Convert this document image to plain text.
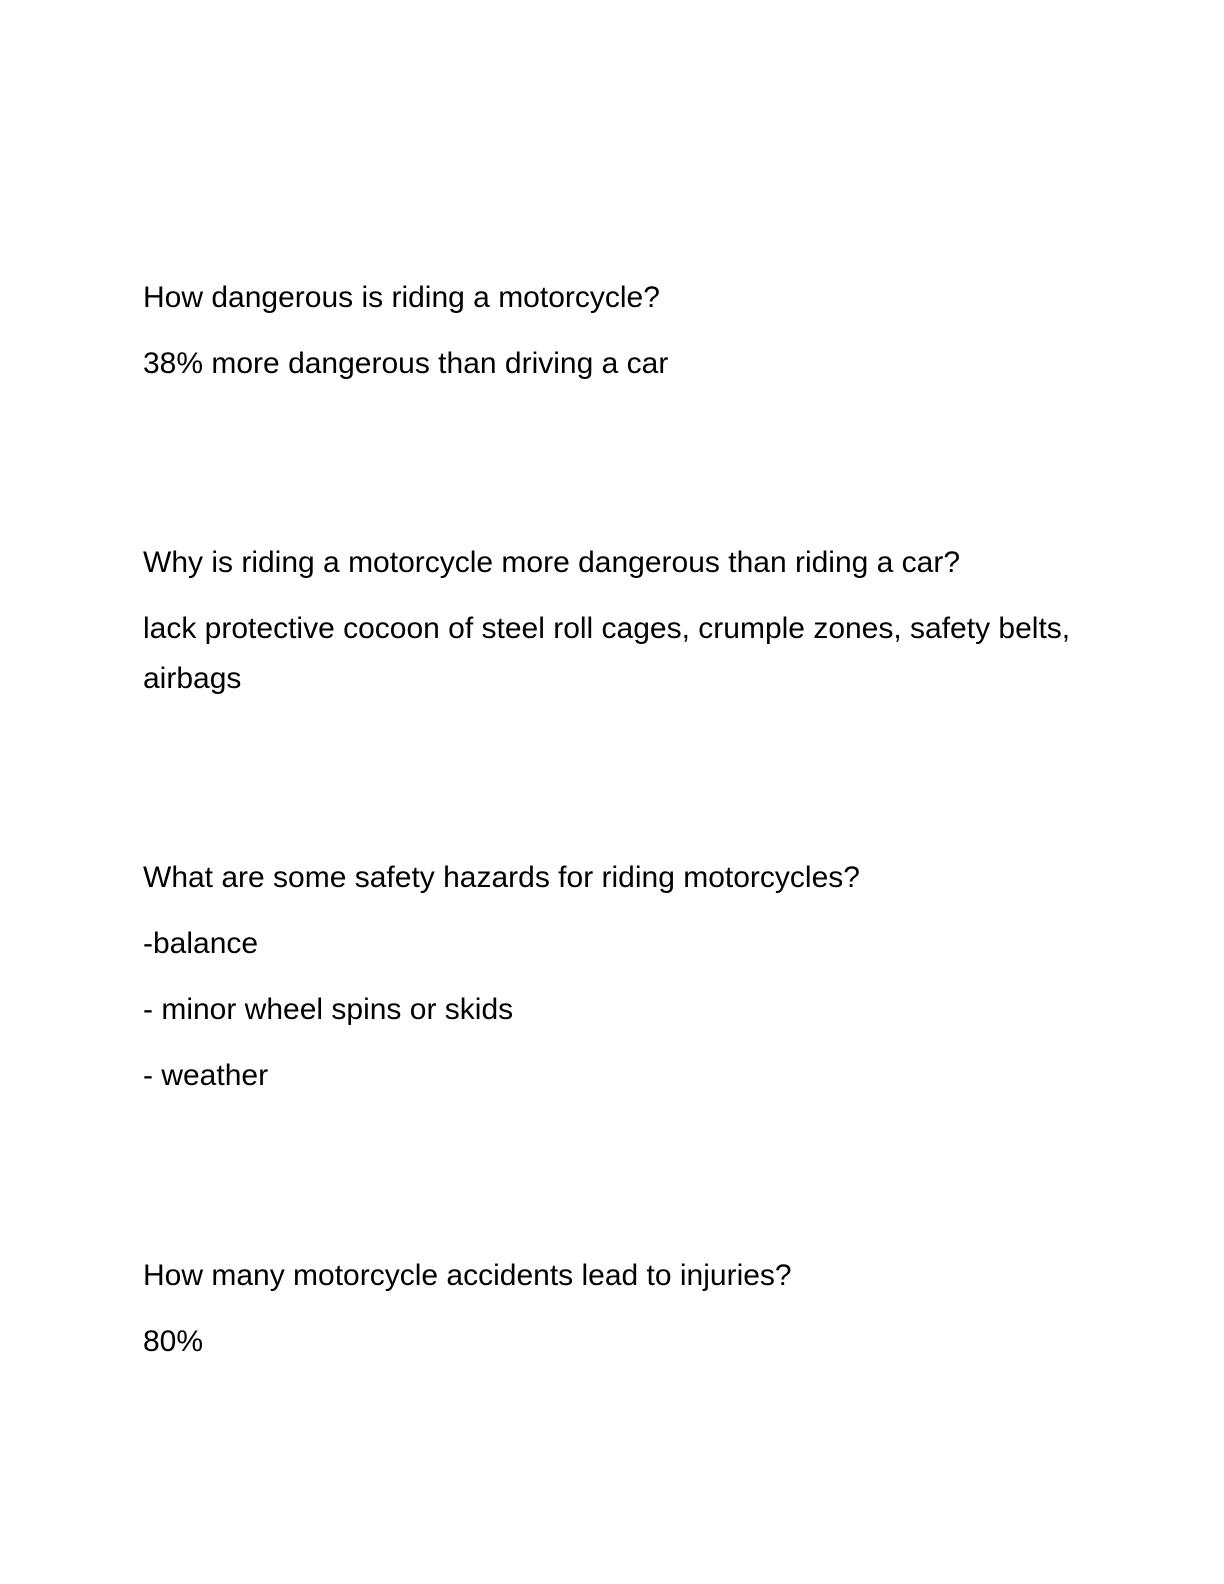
How dangerous is riding a motorcycle?

38% more dangerous than driving a car

Why is riding a motorcycle more dangerous than riding a car?

lack protective cocoon of steel roll cages, crumple zones, safety belts, airbags

What are some safety hazards for riding motorcycles?

-balance

- minor wheel spins or skids

- weather

How many motorcycle accidents lead to injuries?

80%
